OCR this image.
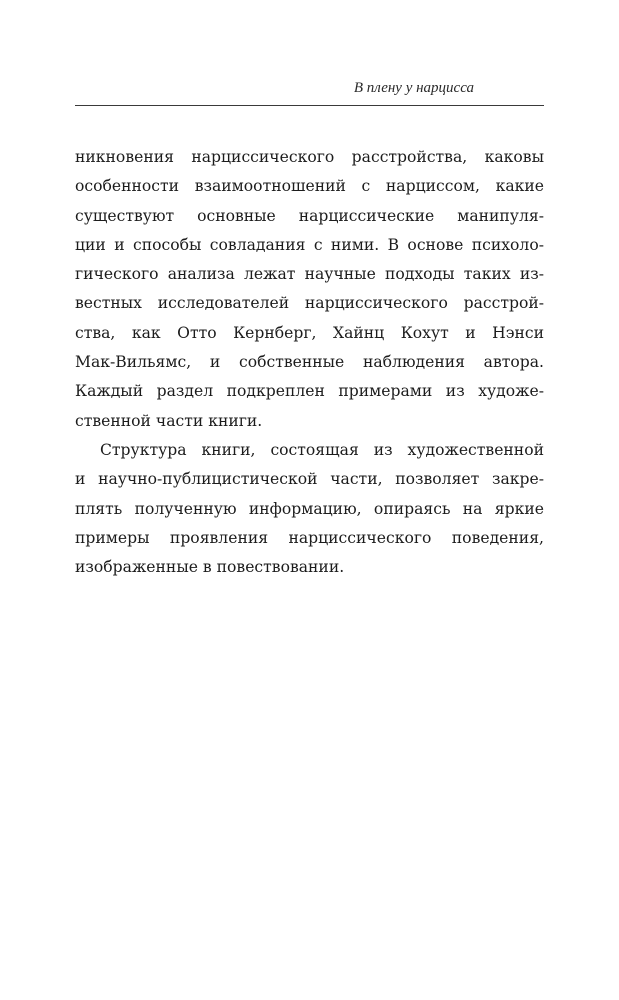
В плену у нарцисса
никновения нарциссического расстройства, каковы
особенности взаимоотношений с нарциссом, какие
существуют основные нарциссические манипуля-
ции и способы совладания с ними. В основе психоло-
гического анализа лежат научные подходы таких из-
вестных исследователей нарциссического расстрой-
ства, как Отто Кернберг, Хайнц Кохут и Нэнси
Мак-Вильямс, и собственные наблюдения автора.
Каждый раздел подкреплен примерами из художе-
ственной части книги.
Структура книги, состоящая из художественной
и научно-публицистической части, позволяет закре-
плять полученную информацию, опираясь на яркие
примеры проявления нарциссического поведения,
изображенные в повествовании.
